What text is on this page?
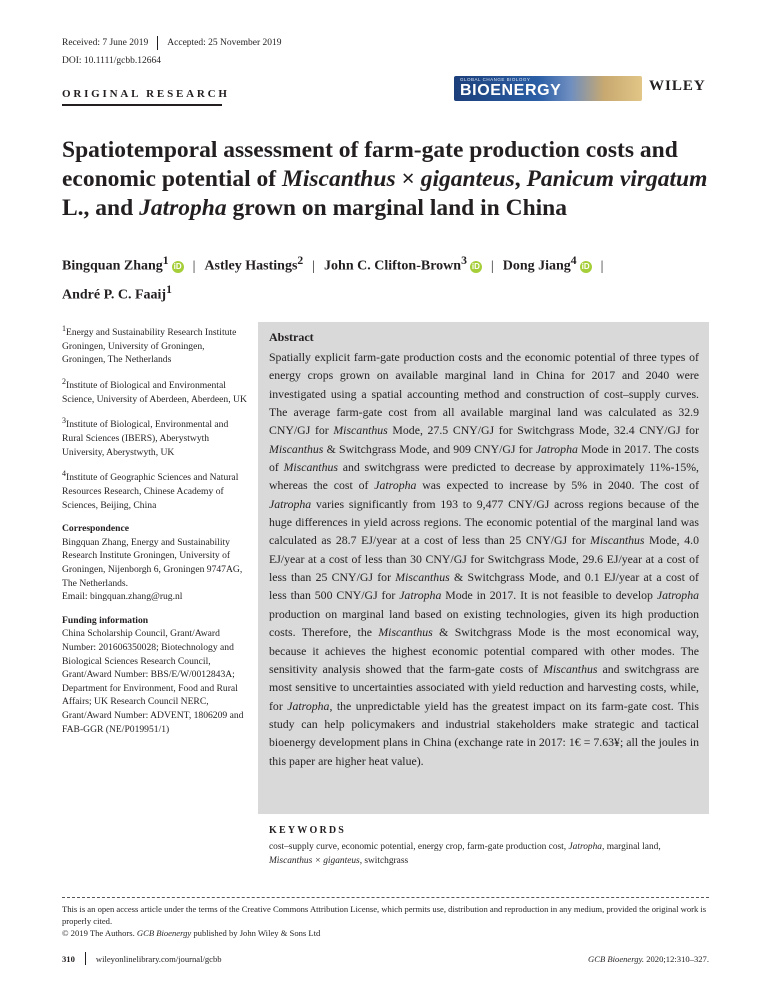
Received: 7 June 2019 Accepted: 25 November 2019
DOI: 10.1111/gcbb.12664
ORIGINAL RESEARCH
GLOBAL CHANGE BIOLOGY
BIOENERGY	WILEY
Spatiotemporal assessment of farm-gate production costs and
economic potential of Miscanthus × giganteus, Panicum virgatum
L., and Jatropha grown on marginal land in China
Bingquan Zhang$^1$ iD | Astley Hastings$^2$ | John C. Clifton-Brown$^3$ iD | Dong Jiang$^4$ iD |
André P. C. Faaij$^1$
$^1$Energy and Sustainability Research Institute Groningen, University of Groningen, Groningen, The Netherlands
$^2$Institute of Biological and Environmental Science, University of Aberdeen, Aberdeen, UK
$^3$Institute of Biological, Environmental and Rural Sciences (IBERS), Aberystwyth University, Aberystwyth, UK
$^4$Institute of Geographic Sciences and Natural Resources Research, Chinese Academy of Sciences, Beijing, China
Correspondence
Bingquan Zhang, Energy and Sustainability Research Institute Groningen, University of Groningen, Nijenborgh 6, Groningen 9747AG, The Netherlands.
Email: bingquan.zhang@rug.nl
Funding information
China Scholarship Council, Grant/Award Number: 201606350028; Biotechnology and Biological Sciences Research Council, Grant/Award Number: BBS/E/W/0012843A; Department for Environment, Food and Rural Affairs; UK Research Council NERC, Grant/Award Number: ADVENT, 1806209 and FAB-GGR (NE/P019951/1)
Abstract
Spatially explicit farm-gate production costs and the economic potential of three types of energy crops grown on available marginal land in China for 2017 and 2040 were investigated using a spatial accounting method and construction of cost–supply curves. The average farm-gate cost from all available marginal land was calculated as 32.9 CNY/GJ for Miscanthus Mode, 27.5 CNY/GJ for Switchgrass Mode, 32.4 CNY/GJ for Miscanthus & Switchgrass Mode, and 909 CNY/GJ for Jatropha Mode in 2017. The costs of Miscanthus and switchgrass were predicted to decrease by approximately 11%-15%, whereas the cost of Jatropha was expected to increase by 5% in 2040. The cost of Jatropha varies significantly from 193 to 9,477 CNY/GJ across regions because of the huge differences in yield across regions. The economic potential of the marginal land was calculated as 28.7 EJ/year at a cost of less than 25 CNY/GJ for Miscanthus Mode, 4.0 EJ/year at a cost of less than 30 CNY/GJ for Switchgrass Mode, 29.6 EJ/year at a cost of less than 25 CNY/GJ for Miscanthus & Switchgrass Mode, and 0.1 EJ/year at a cost of less than 500 CNY/GJ for Jatropha Mode in 2017. It is not feasible to develop Jatropha production on marginal land based on existing technologies, given its high production costs. Therefore, the Miscanthus & Switchgrass Mode is the most economical way, because it achieves the highest economic potential compared with other modes. The sensitivity analysis showed that the farm-gate costs of Miscanthus and switchgrass are most sensitive to uncertainties associated with yield reduction and harvesting costs, while, for Jatropha, the unpredictable yield has the greatest impact on its farm-gate cost. This study can help policymakers and industrial stakeholders make strategic and tactical bioenergy development plans in China (exchange rate in 2017: 1€ = 7.63¥; all the joules in this paper are higher heat value).
KEYWORDS
cost–supply curve, economic potential, energy crop, farm-gate production cost, Jatropha, marginal land, Miscanthus × giganteus, switchgrass
This is an open access article under the terms of the Creative Commons Attribution License, which permits use, distribution and reproduction in any medium, provided the original work is properly cited.
© 2019 The Authors. GCB Bioenergy published by John Wiley & Sons Ltd
310 wileyonlinelibrary.com/journal/gcbb	GCB Bioenergy. 2020;12:310–327.
